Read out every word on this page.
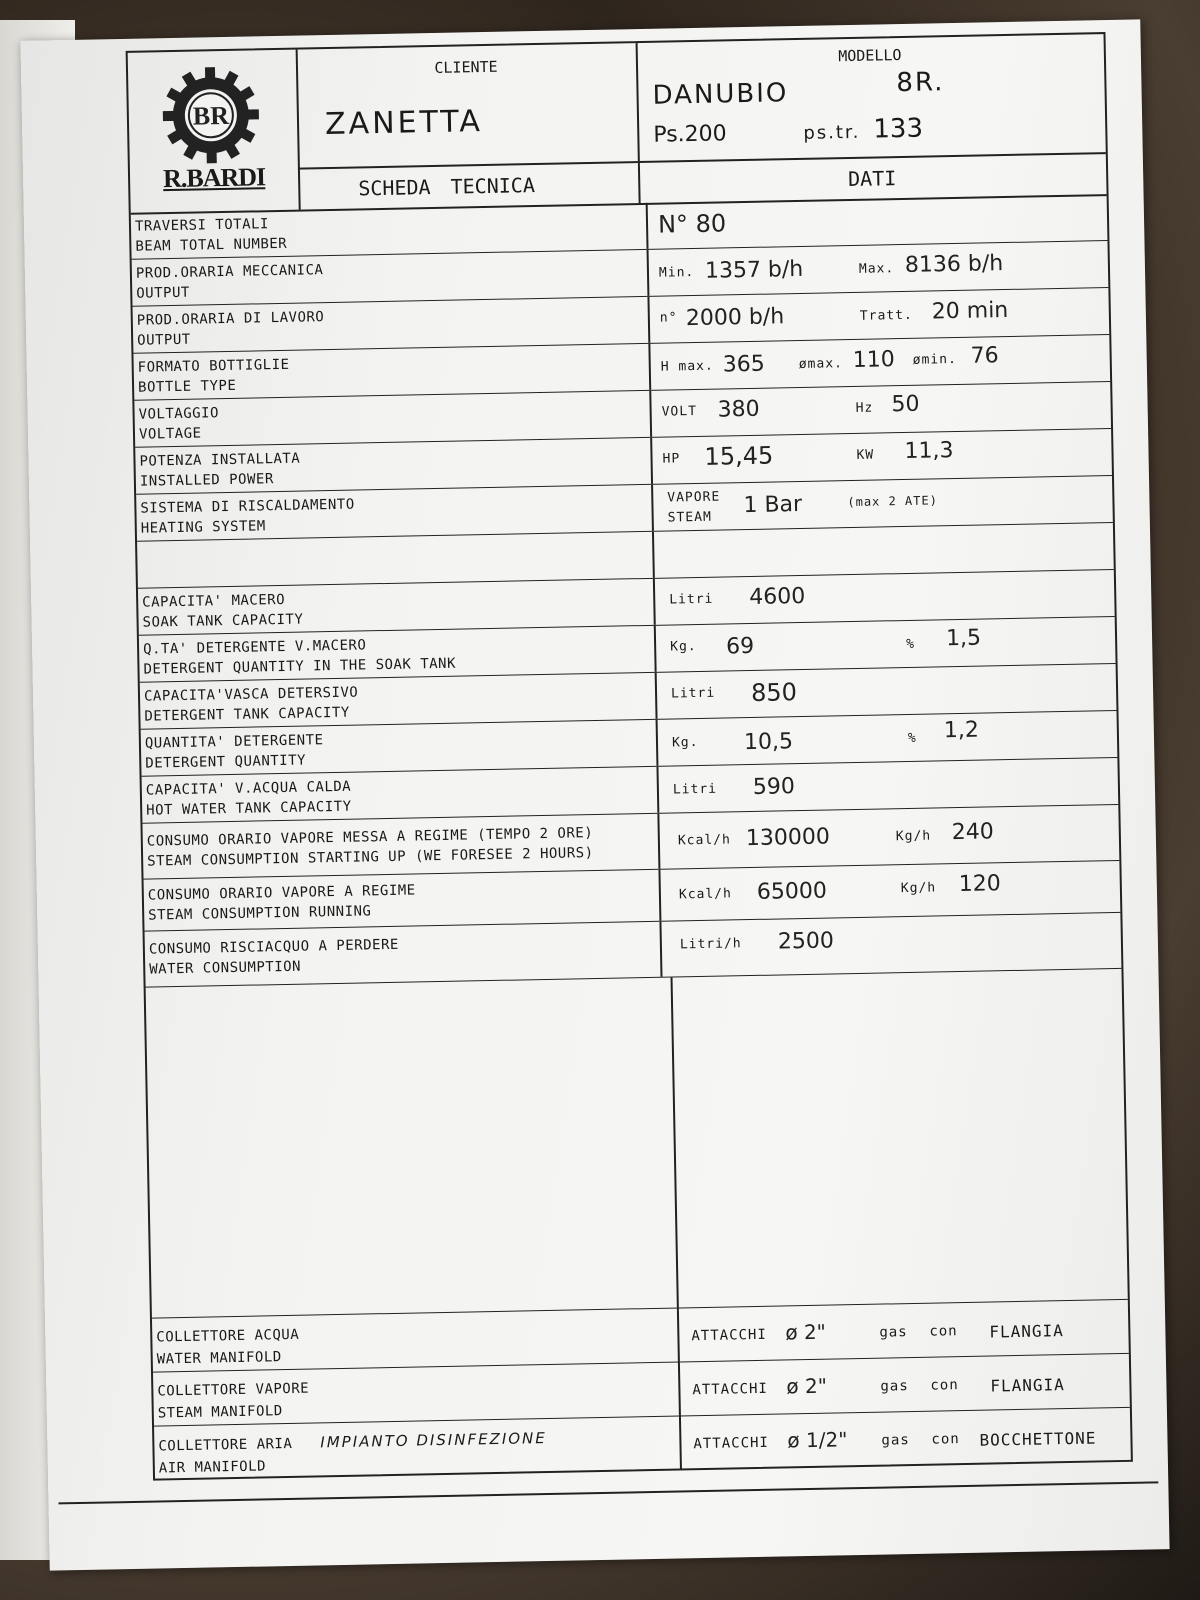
BR
R.BARDI
CLIENTE
ZANETTA
SCHEDA TECNICA
MODELLO
DANUBIO	8R.
Ps.200	ps.tr. 133
DATI
TRAVERSI TOTALI
BEAM TOTAL NUMBER
N° 80
PROD.ORARIA MECCANICA
OUTPUT
Min. 1357 b/h	Max. 8136 b/h
PROD.ORARIA DI LAVORO
OUTPUT
n° 2000 b/h	Tratt. 20 min
FORMATO BOTTIGLIE
BOTTLE TYPE
H max. 365	ømax. 110 ømin. 76
VOLTAGGIO
VOLTAGE
VOLT 380	Hz 50
POTENZA INSTALLATA
INSTALLED POWER
HP 15,45	KW 11,3
SISTEMA DI RISCALDAMENTO
HEATING SYSTEM
VAPORE STEAM	1 Bar	(max 2 ATE)
CAPACITA' MACERO
SOAK TANK CAPACITY
Litri 4600
Q.TA' DETERGENTE V.MACERO
DETERGENT QUANTITY IN THE SOAK TANK
Kg. 69	% 1,5
CAPACITA'VASCA DETERSIVO
DETERGENT TANK CAPACITY
Litri 850
QUANTITA' DETERGENTE
DETERGENT QUANTITY
Kg. 10,5	% 1,2
CAPACITA' V.ACQUA CALDA
HOT WATER TANK CAPACITY
Litri 590
CONSUMO ORARIO VAPORE MESSA A REGIME (TEMPO 2 ORE)
STEAM CONSUMPTION STARTING UP (WE FORESEE 2 HOURS)
Kcal/h 130000	Kg/h 240
CONSUMO ORARIO VAPORE A REGIME
STEAM CONSUMPTION RUNNING
Kcal/h 65000	Kg/h 120
CONSUMO RISCIACQUO A PERDERE
WATER CONSUMPTION
Litri/h 2500
COLLETTORE ACQUA
WATER MANIFOLD
ATTACCHI ø 2"	gas con FLANGIA
COLLETTORE VAPORE
STEAM MANIFOLD
ATTACCHI ø 2"	gas con FLANGIA
COLLETTORE ARIA IMPIANTO DISINFEZIONE
AIR MANIFOLD
ATTACCHI ø 1/2" gas con BOCCHETTONE
